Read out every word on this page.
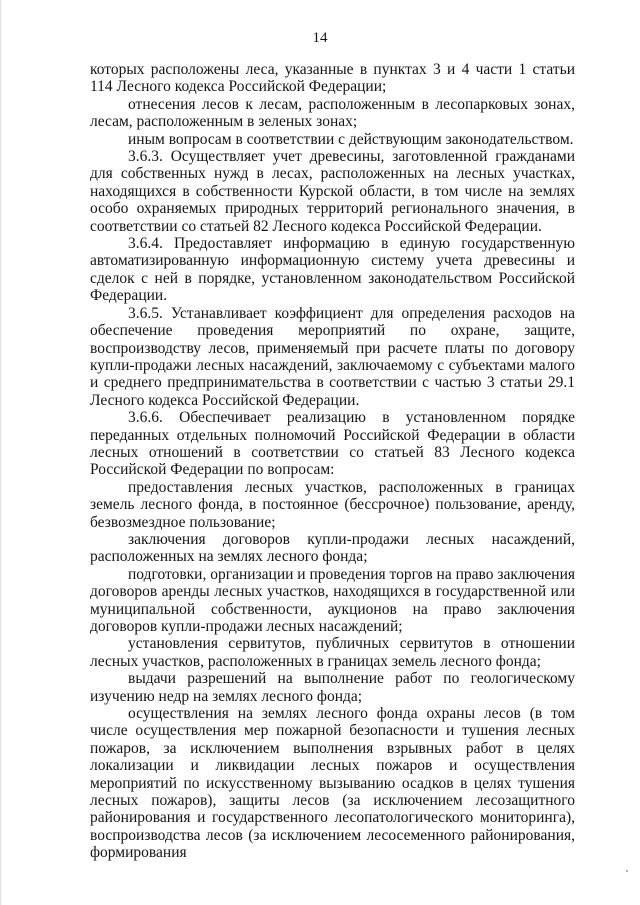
14

которых расположены леса, указанные в пунктах 3 и 4 части 1 статьи 114 Лесного кодекса Российской Федерации;

отнесения лесов к лесам, расположенным в лесопарковых зонах, лесам, расположенным в зеленых зонах;

иным вопросам в соответствии с действующим законодательством.

3.6.3. Осуществляет учет древесины, заготовленной гражданами для собственных нужд в лесах, расположенных на лесных участках, находящихся в собственности Курской области, в том числе на землях особо охраняемых природных территорий регионального значения, в соответствии со статьей 82 Лесного кодекса Российской Федерации.

3.6.4. Предоставляет информацию в единую государственную автоматизированную информационную систему учета древесины и сделок с ней в порядке, установленном законодательством Российской Федерации.

3.6.5. Устанавливает коэффициент для определения расходов на обеспечение проведения мероприятий по охране, защите, воспроизводству лесов, применяемый при расчете платы по договору купли-продажи лесных насаждений, заключаемому с субъектами малого и среднего предпринимательства в соответствии с частью 3 статьи 29.1 Лесного кодекса Российской Федерации.

3.6.6. Обеспечивает реализацию в установленном порядке переданных отдельных полномочий Российской Федерации в области лесных отношений в соответствии со статьей 83 Лесного кодекса Российской Федерации по вопросам:

предоставления лесных участков, расположенных в границах земель лесного фонда, в постоянное (бессрочное) пользование, аренду, безвозмездное пользование;

заключения договоров купли-продажи лесных насаждений, расположенных на землях лесного фонда;

подготовки, организации и проведения торгов на право заключения договоров аренды лесных участков, находящихся в государственной или муниципальной собственности, аукционов на право заключения договоров купли-продажи лесных насаждений;

установления сервитутов, публичных сервитутов в отношении лесных участков, расположенных в границах земель лесного фонда;

выдачи разрешений на выполнение работ по геологическому изучению недр на землях лесного фонда;

осуществления на землях лесного фонда охраны лесов (в том числе осуществления мер пожарной безопасности и тушения лесных пожаров, за исключением выполнения взрывных работ в целях локализации и ликвидации лесных пожаров и осуществления мероприятий по искусственному вызыванию осадков в целях тушения лесных пожаров), защиты лесов (за исключением лесозащитного районирования и государственного лесопатологического мониторинга), воспроизводства лесов (за исключением лесосеменного районирования, формирования
